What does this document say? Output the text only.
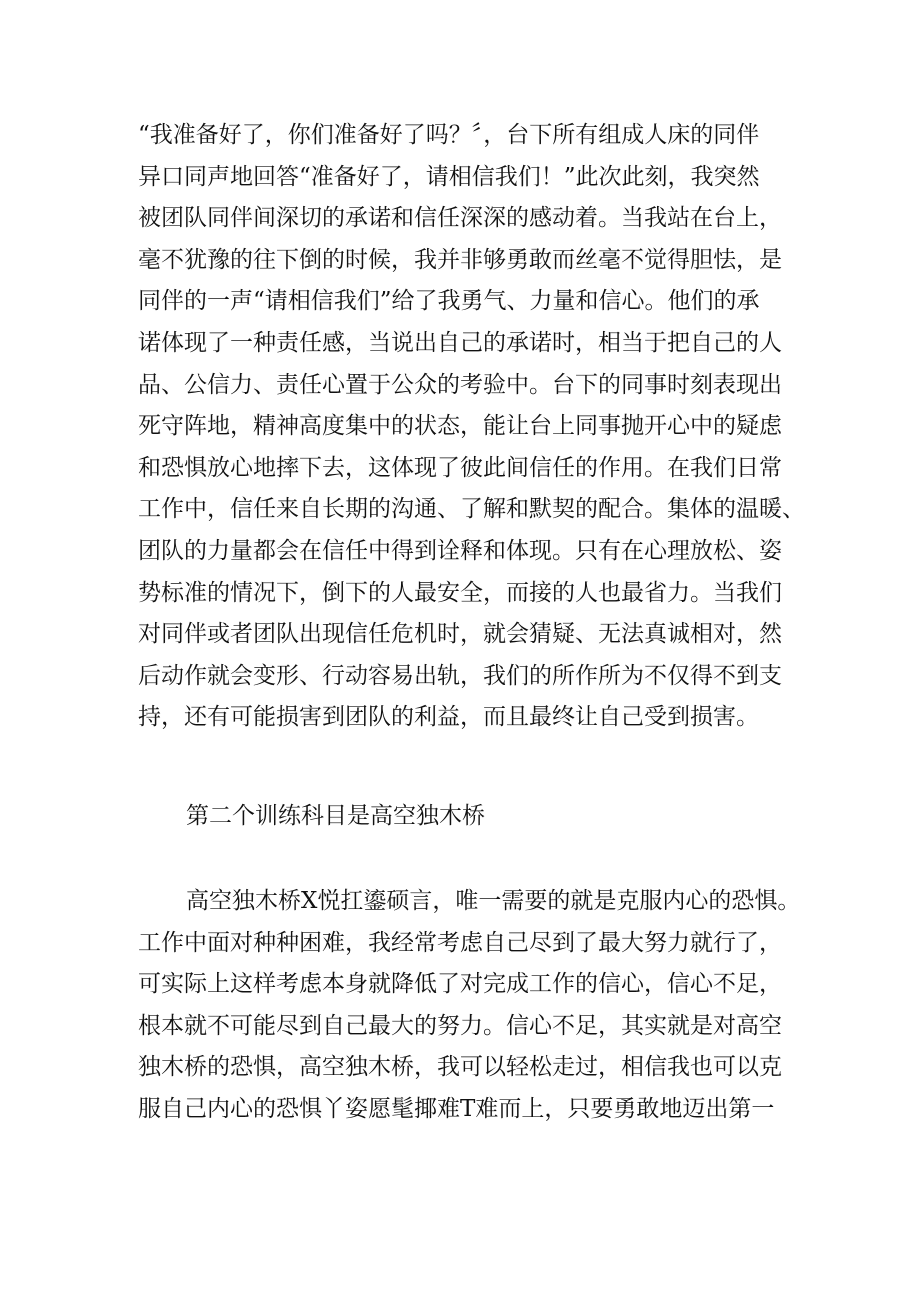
“我准备好了，你们准备好了吗？〞，台下所有组成人床的同伴
异口同声地回答“准备好了，请相信我们！”此次此刻，我突然
被团队同伴间深切的承诺和信任深深的感动着。当我站在台上，
毫不犹豫的往下倒的时候，我并非够勇敢而丝毫不觉得胆怯，是
同伴的一声“请相信我们”给了我勇气、力量和信心。他们的承
诺体现了一种责任感，当说出自己的承诺时，相当于把自己的人
品、公信力、责任心置于公众的考验中。台下的同事时刻表现出
死守阵地，精神高度集中的状态，能让台上同事抛开心中的疑虑
和恐惧放心地摔下去，这体现了彼此间信任的作用。在我们日常
工作中，信任来自长期的沟通、了解和默契的配合。集体的温暖、
团队的力量都会在信任中得到诠释和体现。只有在心理放松、姿
势标准的情况下，倒下的人最安全，而接的人也最省力。当我们
对同伴或者团队出现信任危机时，就会猜疑、无法真诚相对，然
后动作就会变形、行动容易出轨，我们的所作所为不仅得不到支
持，还有可能损害到团队的利益，而且最终让自己受到损害。
第二个训练科目是高空独木桥
高空独木桥X悦扛鎏硕言，唯一需要的就是克服内心的恐惧。
工作中面对种种困难，我经常考虑自己尽到了最大努力就行了，
可实际上这样考虑本身就降低了对完成工作的信心，信心不足，
根本就不可能尽到自己最大的努力。信心不足，其实就是对高空
独木桥的恐惧，高空独木桥，我可以轻松走过，相信我也可以克
服自己内心的恐惧丫姿愿髦揶难T难而上，只要勇敢地迈出第一
